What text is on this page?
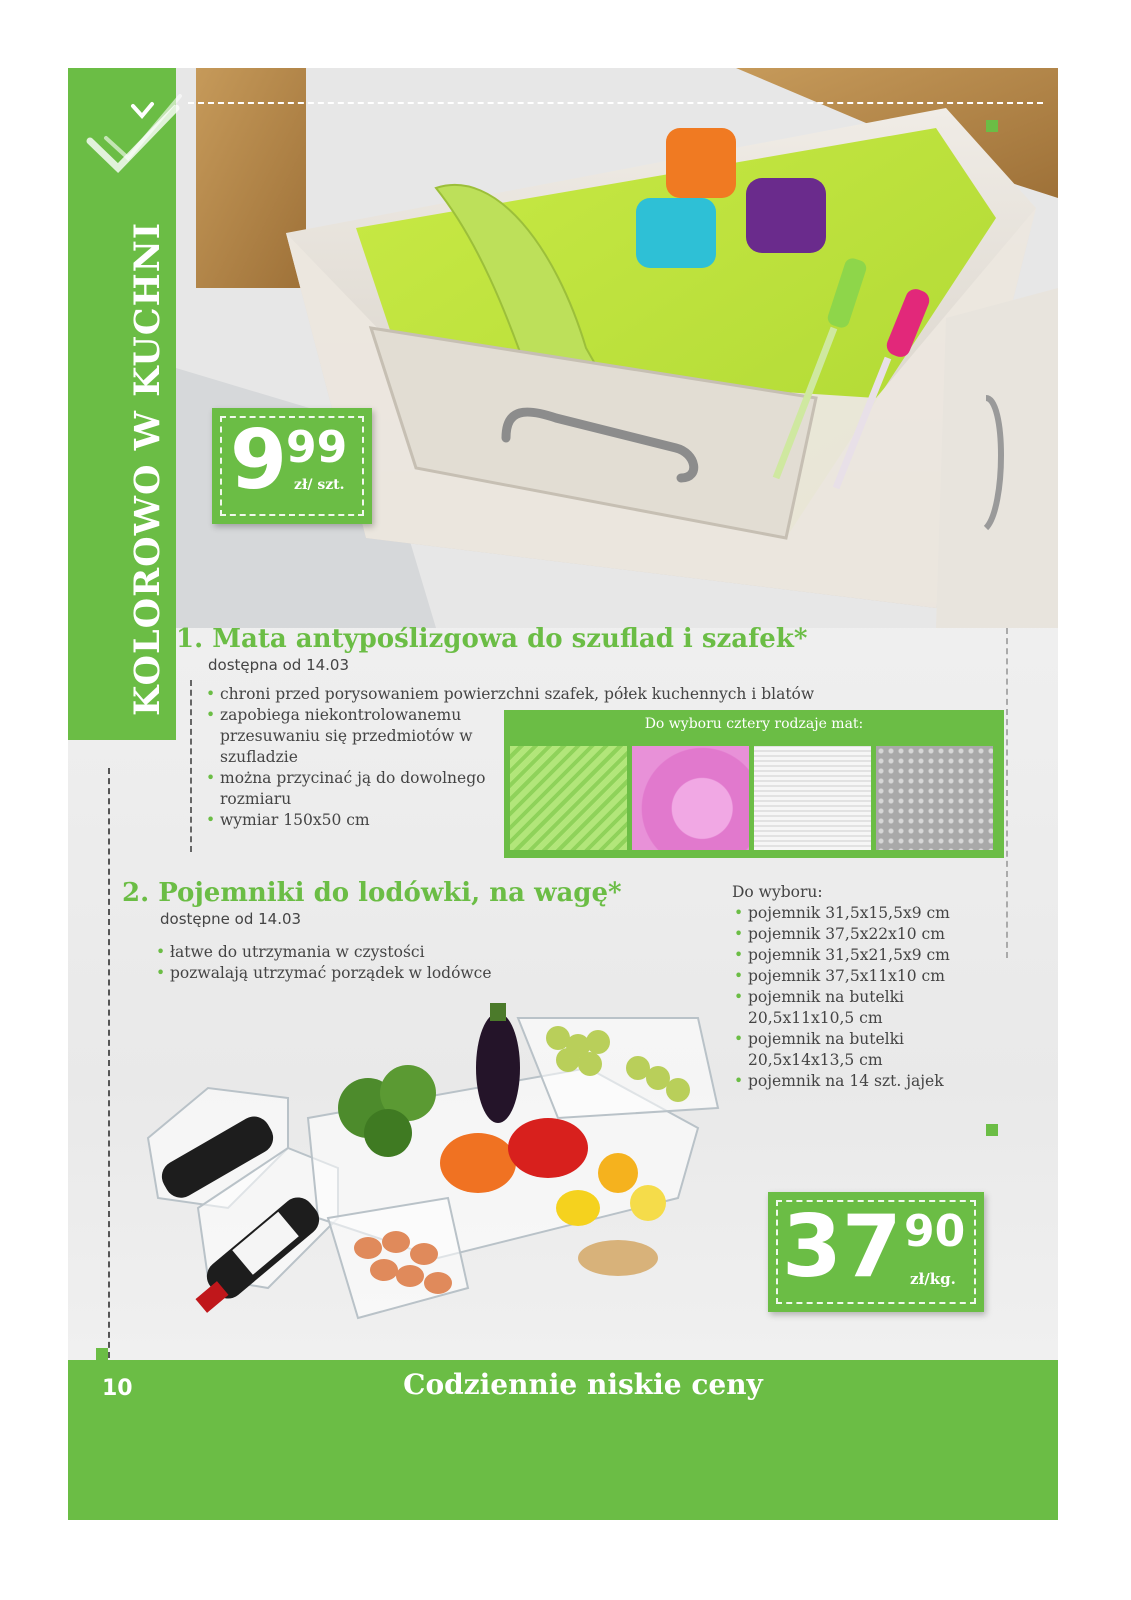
KOLOROWO W KUCHNI 9
99
zł/ szt.
1. Mata antypoślizgowa do szuflad i szafek*
dostępna od 14.03
• chroni przed porysowaniem powierzchni szafek, półek kuchennych i blatów
• zapobiega niekontrolowanemu przesuwaniu się przedmiotów w szufladzie
• można przycinać ją do dowolnego rozmiaru
• wymiar 150x50 cm
Do wyboru cztery rodzaje mat:
2. Pojemniki do lodówki, na wagę*
dostępne od 14.03
• łatwe do utrzymania w czystości
• pozwalają utrzymać porządek w lodówce
Do wyboru:
• pojemnik 31,5x15,5x9 cm
• pojemnik 37,5x22x10 cm
• pojemnik 31,5x21,5x9 cm
• pojemnik 37,5x11x10 cm
• pojemnik na butelki 20,5x11x10,5 cm
• pojemnik na butelki 20,5x14x13,5 cm
• pojemnik na 14 szt. jajek
37 90
zł/kg.
10	Codziennie niskie ceny
